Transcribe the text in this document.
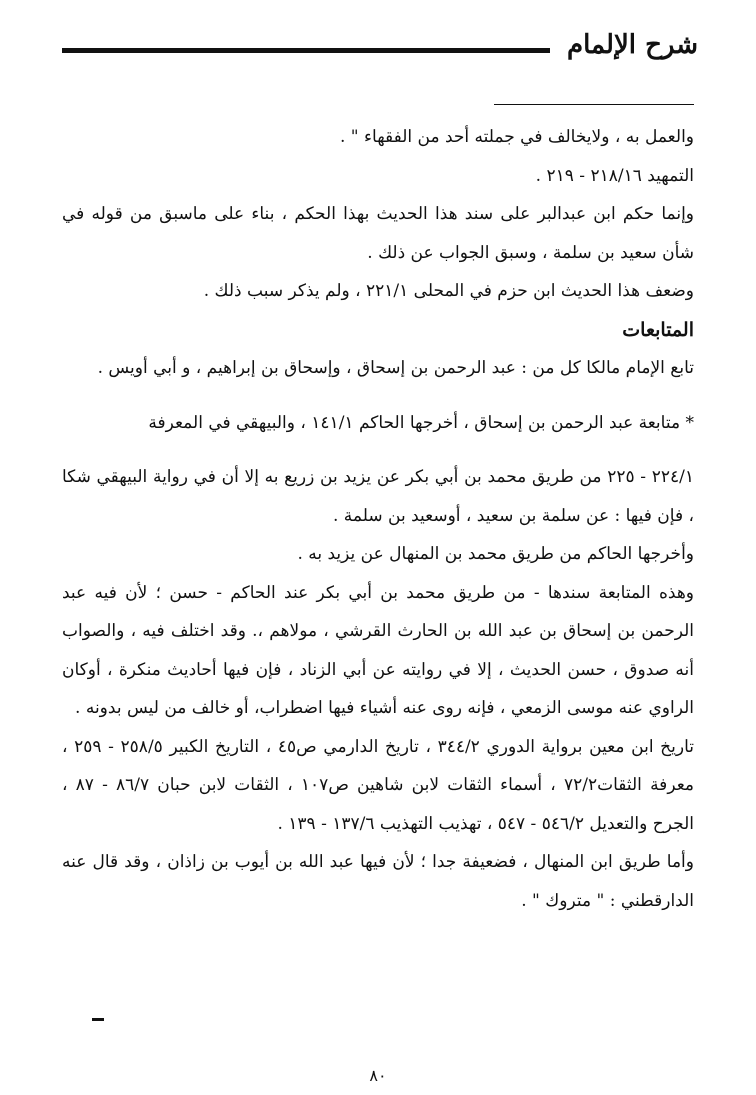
شرح الإلمام

والعمل به ، ولايخالف في جملته أحد من الفقهاء " .

التمهيد ٢١٨/١٦ - ٢١٩ .

وإنما حكم ابن عبدالبر على سند هذا الحديث بهذا الحكم ، بناء على ماسبق من قوله في شأن سعيد بن سلمة ، وسبق الجواب عن ذلك .

وضعف هذا الحديث ابن حزم في المحلى ٢٢١/١ ، ولم يذكر سبب ذلك .

المتابعات

تابع الإمام مالكا كل من : عبد الرحمن بن إسحاق ، وإسحاق بن إبراهيم ، و أبي أويس .

* متابعة عبد الرحمن بن إسحاق ، أخرجها الحاكم ١٤١/١ ، والبيهقي في المعرفة

٢٢٤/١ - ٢٢٥ من طريق محمد بن أبي بكر عن يزيد بن زريع به إلا أن في رواية البيهقي شكا ، فإن فيها : عن سلمة بن سعيد ، أوسعيد بن سلمة .

وأخرجها الحاكم من طريق محمد بن المنهال عن يزيد به .

وهذه المتابعة سندها - من طريق محمد بن أبي بكر عند الحاكم - حسن ؛ لأن فيه عبد الرحمن بن إسحاق بن عبد الله بن الحارث القرشي ، مولاهم ،. وقد اختلف فيه ، والصواب أنه صدوق ، حسن الحديث ، إلا في روايته عن أبي الزناد ، فإن فيها أحاديث منكرة ، أوكان الراوي عنه موسى الزمعي ، فإنه روى عنه أشياء فيها اضطراب، أو خالف من ليس بدونه .

تاريخ ابن معين برواية الدوري ٣٤٤/٢ ، تاريخ الدارمي ص٤٥ ، التاريخ الكبير ٢٥٨/٥ - ٢٥٩ ، معرفة الثقات٧٢/٢ ، أسماء الثقات لابن شاهين ص١٠٧ ، الثقات لابن حبان ٨٦/٧ - ٨٧ ، الجرح والتعديل ٥٤٦/٢ - ٥٤٧ ، تهذيب التهذيب ١٣٧/٦ - ١٣٩ .

وأما طريق ابن المنهال ، فضعيفة جدا ؛ لأن فيها عبد الله بن أيوب بن زاذان ، وقد قال عنه الدارقطني : " متروك " .

٨٠
